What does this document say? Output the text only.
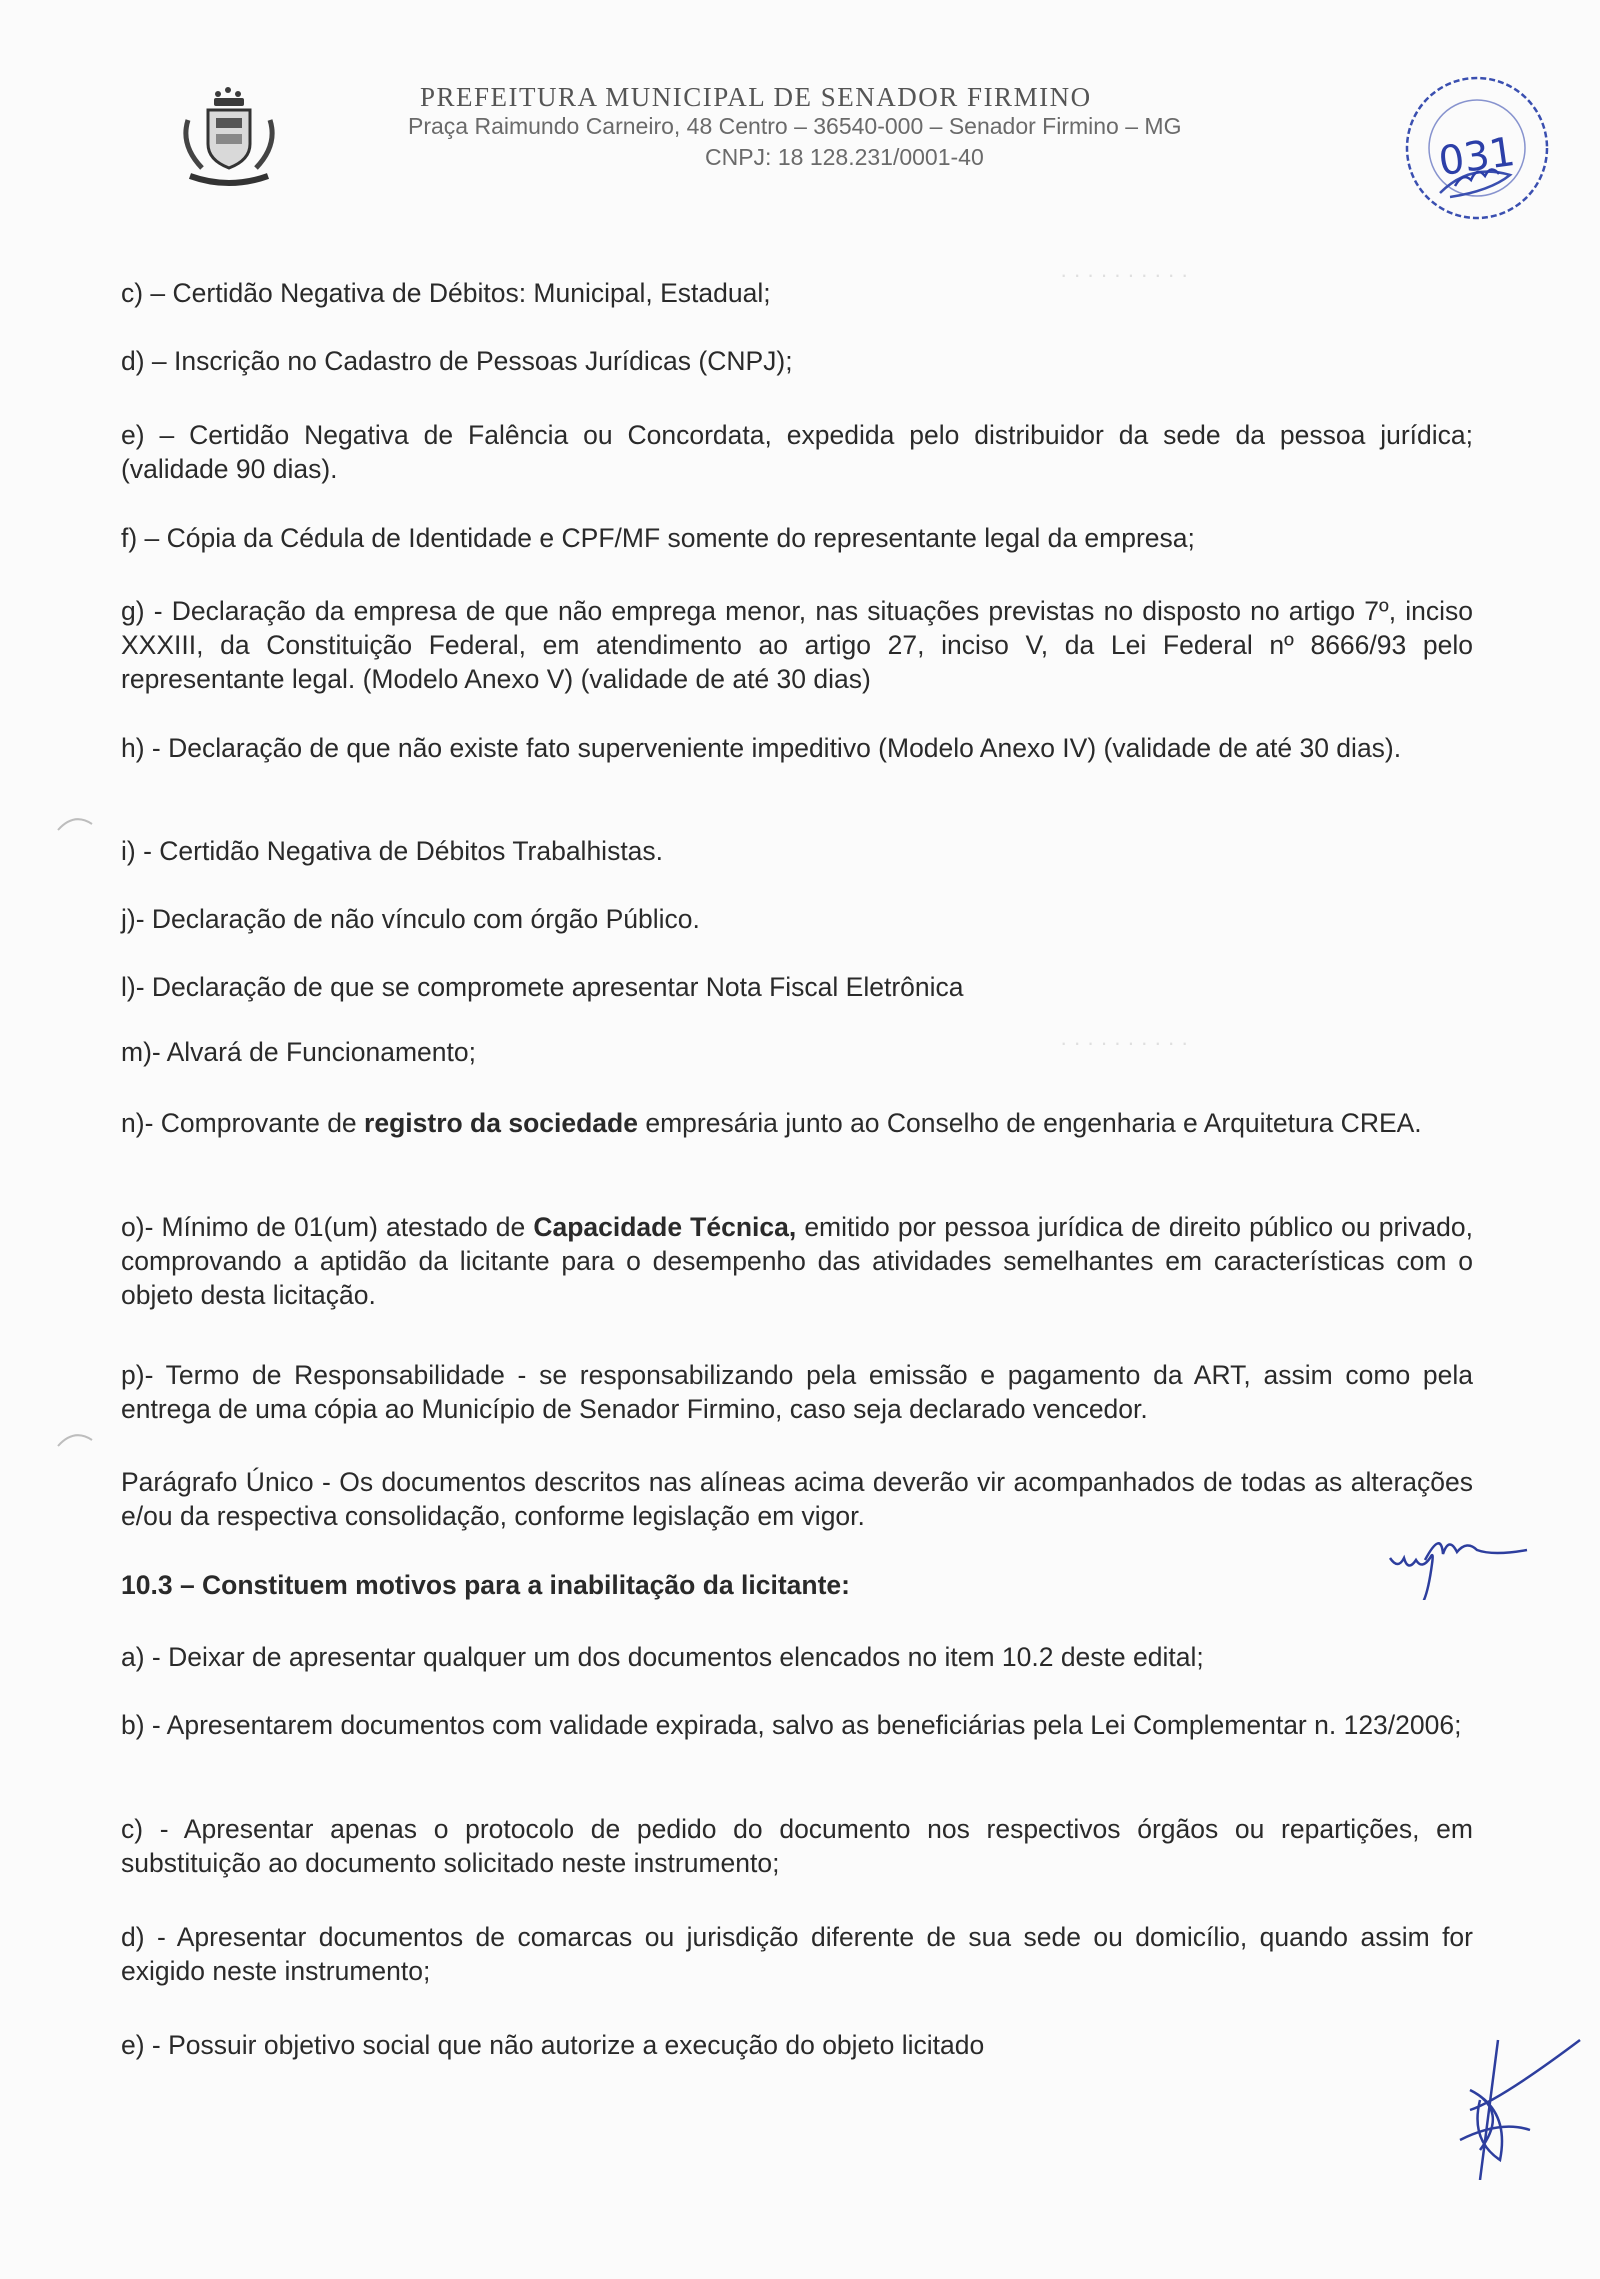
· · · · · · · · · ·
· · · · · · · · · ·
PREFEITURA MUNICIPAL DE SENADOR FIRMINO
Praça Raimundo Carneiro, 48 Centro – 36540-000 – Senador Firmino – MG
CNPJ: 18 128.231/0001-40	031
c) – Certidão Negativa de Débitos: Municipal, Estadual;
d) – Inscrição no Cadastro de Pessoas Jurídicas (CNPJ);
e) – Certidão Negativa de Falência ou Concordata, expedida pelo distribuidor da sede da pessoa jurídica; (validade 90 dias).
f) – Cópia da Cédula de Identidade e CPF/MF somente do representante legal da empresa;
g) - Declaração da empresa de que não emprega menor, nas situações previstas no disposto no artigo 7º, inciso XXXIII, da Constituição Federal, em atendimento ao artigo 27, inciso V, da Lei Federal nº 8666/93 pelo representante legal. (Modelo Anexo V) (validade de até 30 dias)
h) - Declaração de que não existe fato superveniente impeditivo (Modelo Anexo IV) (validade de até 30 dias).
i) - Certidão Negativa de Débitos Trabalhistas.
j)- Declaração de não vínculo com órgão Público.
l)- Declaração de que se compromete apresentar Nota Fiscal Eletrônica
m)- Alvará de Funcionamento;
n)- Comprovante de registro da sociedade empresária junto ao Conselho de engenharia e Arquitetura CREA.
o)- Mínimo de 01(um) atestado de Capacidade Técnica, emitido por pessoa jurídica de direito público ou privado, comprovando a aptidão da licitante para o desempenho das atividades semelhantes em características com o objeto desta licitação.
p)- Termo de Responsabilidade - se responsabilizando pela emissão e pagamento da ART, assim como pela entrega de uma cópia ao Município de Senador Firmino, caso seja declarado vencedor.
Parágrafo Único - Os documentos descritos nas alíneas acima deverão vir acompanhados de todas as alterações e/ou da respectiva consolidação, conforme legislação em vigor.
10.3 – Constituem motivos para a inabilitação da licitante:
a) - Deixar de apresentar qualquer um dos documentos elencados no item 10.2 deste edital;
b) - Apresentarem documentos com validade expirada, salvo as beneficiárias pela Lei Complementar n. 123/2006;
c) - Apresentar apenas o protocolo de pedido do documento nos respectivos órgãos ou repartições, em substituição ao documento solicitado neste instrumento;
d) - Apresentar documentos de comarcas ou jurisdição diferente de sua sede ou domicílio, quando assim for exigido neste instrumento;
e) - Possuir objetivo social que não autorize a execução do objeto licitado
